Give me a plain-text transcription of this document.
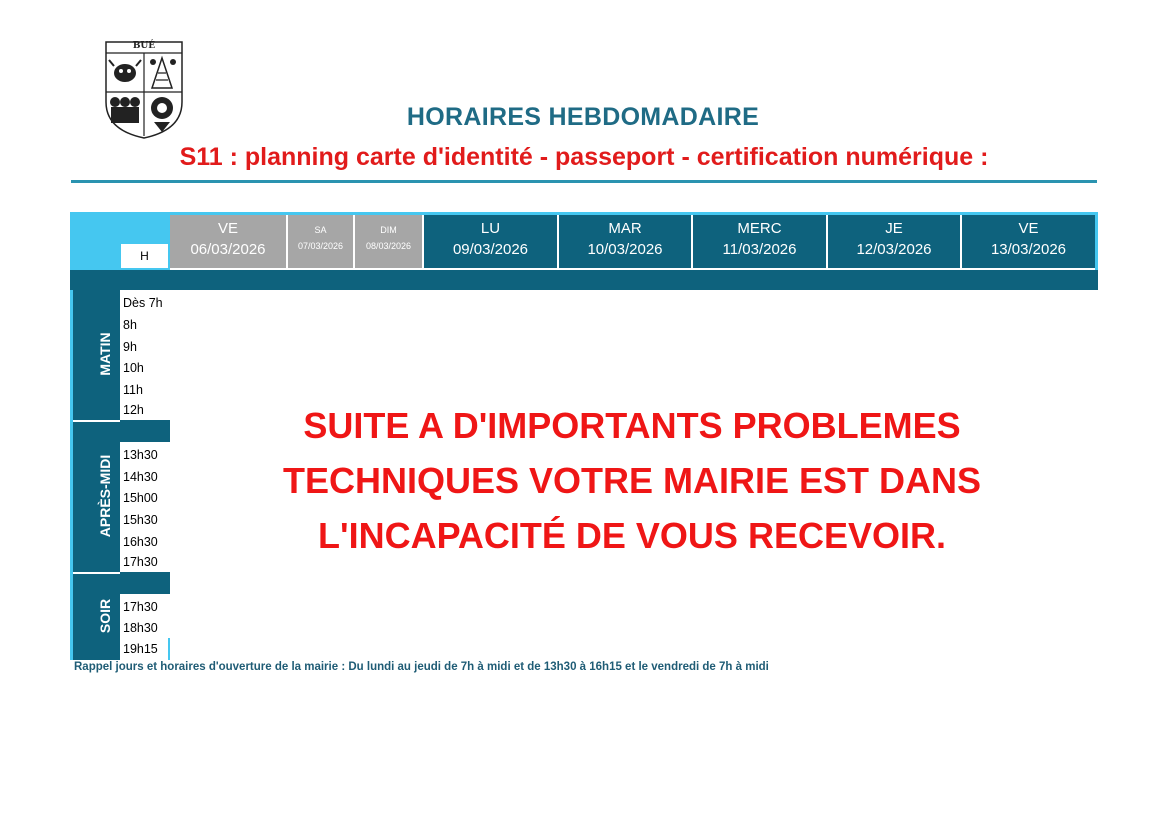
BUÉ
HORAIRES HEBDOMADAIRE
S11 : planning carte d'identité - passeport - certification numérique :
VE
06/03/2026
SA
07/03/2026
DIM
08/03/2026
LU
09/03/2026
MAR
10/03/2026
MERC
11/03/2026
JE
12/03/2026
VE
13/03/2026
H
MATIN
APRÈS-MIDI
SOIR
Dès 7h
8h
9h
10h
11h
12h
13h30
14h30
15h00
15h30
16h30
17h30
17h30
18h30
19h15
SUITE A D'IMPORTANTS PROBLEMES
TECHNIQUES VOTRE MAIRIE EST DANS
L'INCAPACITÉ DE VOUS RECEVOIR.
Rappel jours et horaires d'ouverture de la mairie : Du lundi au jeudi de 7h à midi et de 13h30 à 16h15 et le vendredi de 7h à midi
